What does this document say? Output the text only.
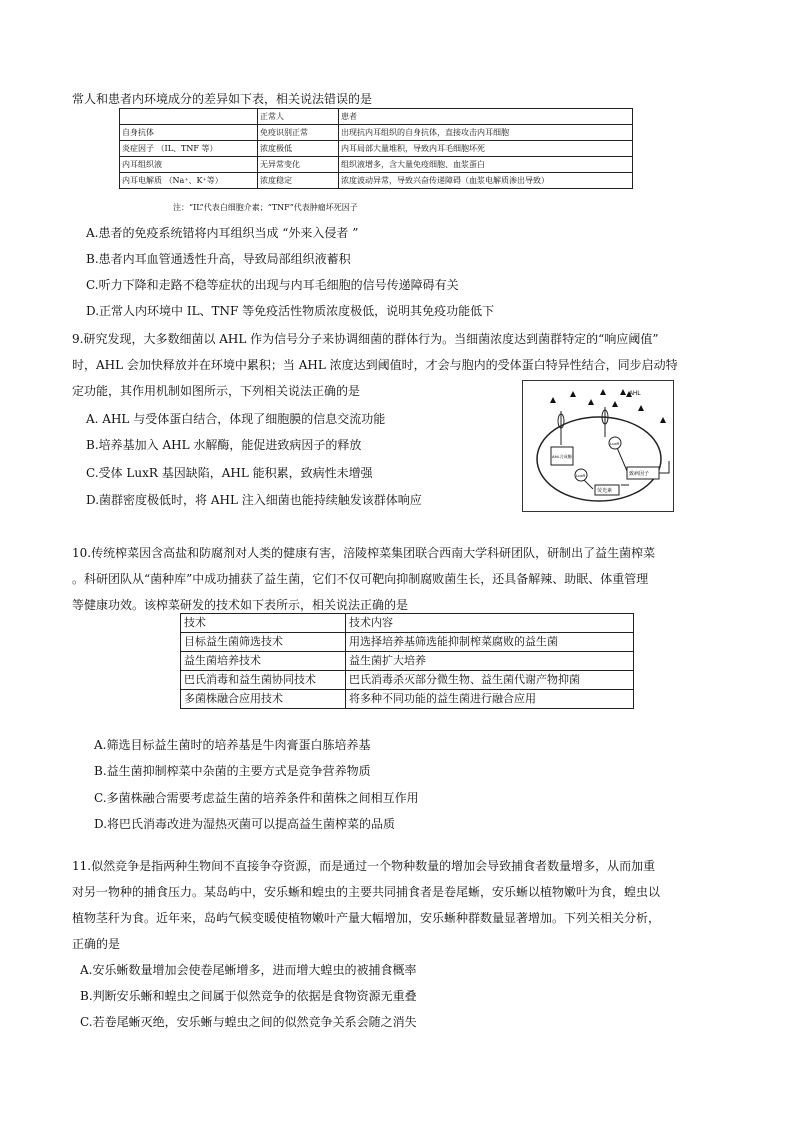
常人和患者内环境成分的差异如下表，相关说法错误的是
	正常人	患者
自身抗体	免疫识别正常	出现抗内耳组织的自身抗体，直接攻击内耳细胞
炎症因子 （IL、TNF 等）	浓度极低	内耳局部大量堆积，导致内耳毛细胞坏死
内耳组织液	无异常变化	组织液增多，含大量免疫细胞、血浆蛋白
内耳电解质 （Na⁺、K⁺等）	浓度稳定	浓度波动异常，导致兴奋传递障碍（血浆电解质渗出导致）
注：“IL”代表白细胞介素；“TNF”代表肿瘤坏死因子
A.患者的免疫系统错将内耳组织当成 “外来入侵者 ”
B.患者内耳血管通透性升高，导致局部组织液蓄积
C.听力下降和走路不稳等症状的出现与内耳毛细胞的信号传递障碍有关
D.正常人内环境中 IL、TNF 等免疫活性物质浓度极低，说明其免疫功能低下
9.研究发现，大多数细菌以 AHL 作为信号分子来协调细菌的群体行为。当细菌浓度达到菌群特定的“响应阈值”
时，AHL 会加快释放并在环境中累积；当 AHL 浓度达到阈值时，才会与胞内的受体蛋白特异性结合，同步启动特
定功能，其作用机制如图所示，下列相关说法正确的是
A. AHL 与受体蛋白结合，体现了细胞膜的信息交流功能
B.培养基加入 AHL 水解酶，能促进致病因子的释放
C.受体 LuxR 基因缺陷，AHL 能积累，致病性未增强
D.菌群密度极低时，将 AHL 注入细菌也能持续触发该群体响应
AHL
AHL合成酶
LuxR
LuxR	致病因子
荧光素
10.传统榨菜因含高盐和防腐剂对人类的健康有害，涪陵榨菜集团联合西南大学科研团队，研制出了益生菌榨菜
。科研团队从“菌种库”中成功捕获了益生菌，它们不仅可靶向抑制腐败菌生长，还具备解辣、助眠、体重管理
等健康功效。该榨菜研发的技术如下表所示，相关说法正确的是
技术	技术内容
目标益生菌筛选技术	用选择培养基筛选能抑制榨菜腐败的益生菌
益生菌培养技术	益生菌扩大培养
巴氏消毒和益生菌协同技术	巴氏消毒杀灭部分微生物、益生菌代谢产物抑菌
多菌株融合应用技术	将多种不同功能的益生菌进行融合应用
A.筛选目标益生菌时的培养基是牛肉膏蛋白胨培养基
B.益生菌抑制榨菜中杂菌的主要方式是竞争营养物质
C.多菌株融合需要考虑益生菌的培养条件和菌株之间相互作用
D.将巴氏消毒改进为湿热灭菌可以提高益生菌榨菜的品质
11.似然竞争是指两种生物间不直接争夺资源，而是通过一个物种数量的增加会导致捕食者数量增多，从而加重
对另一物种的捕食压力。某岛屿中，安乐蜥和蝗虫的主要共同捕食者是卷尾蜥，安乐蜥以植物嫩叶为食，蝗虫以
植物茎秆为食。近年来，岛屿气候变暖使植物嫩叶产量大幅增加，安乐蜥种群数量显著增加。下列关相关分析，
正确的是
A.安乐蜥数量增加会使卷尾蜥增多，进而增大蝗虫的被捕食概率
B.判断安乐蜥和蝗虫之间属于似然竞争的依据是食物资源无重叠
C.若卷尾蜥灭绝，安乐蜥与蝗虫之间的似然竞争关系会随之消失
